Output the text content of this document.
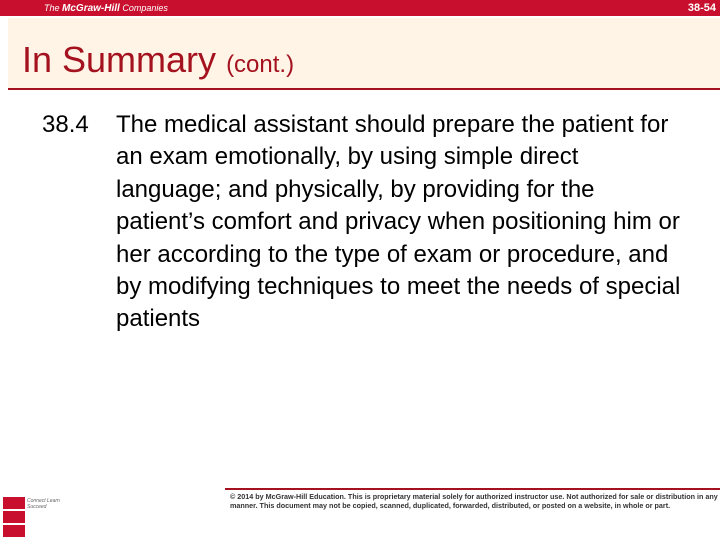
The McGraw-Hill Companies	38-54
In Summary (cont.)
38.4 The medical assistant should prepare the patient for an exam emotionally, by using simple direct language; and physically, by providing for the patient’s comfort and privacy when positioning him or her according to the type of exam or procedure, and by modifying techniques to meet the needs of special patients
Connect Learn Succeed
© 2014 by McGraw-Hill Education. This is proprietary material solely for authorized instructor use. Not authorized for sale or distribution in any manner. This document may not be copied, scanned, duplicated, forwarded, distributed, or posted on a website, in whole or part.
